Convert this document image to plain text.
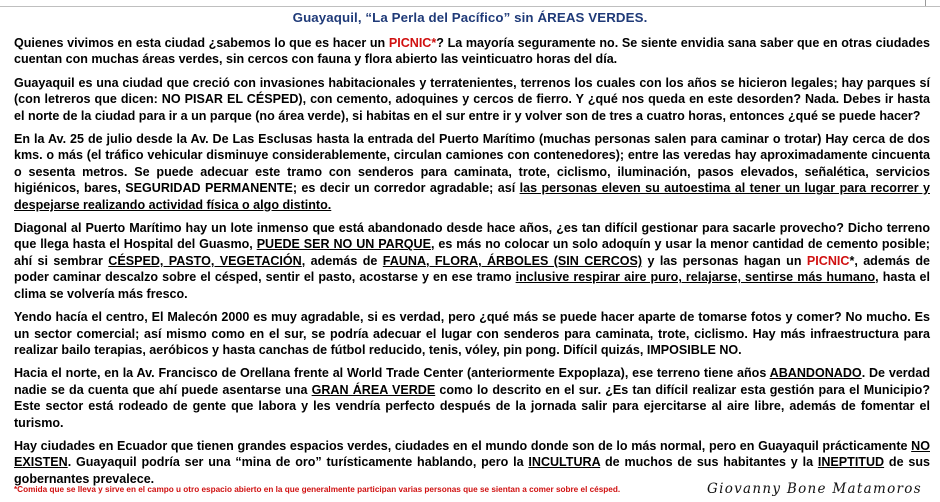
Guayaquil, “La Perla del Pacífico” sin ÁREAS VERDES.

Quienes vivimos en esta ciudad ¿sabemos lo que es hacer un PICNIC*? La mayoría seguramente no. Se siente envidia sana saber que en otras ciudades cuentan con muchas áreas verdes, sin cercos con fauna y flora abierto las veinticuatro horas del día.

Guayaquil es una ciudad que creció con invasiones habitacionales y terratenientes, terrenos los cuales con los años se hicieron legales; hay parques sí (con letreros que dicen: NO PISAR EL CÉSPED), con cemento, adoquines y cercos de fierro. Y ¿qué nos queda en este desorden? Nada. Debes ir hasta el norte de la ciudad para ir a un parque (no área verde), si habitas en el sur entre ir y volver son de tres a cuatro horas, entonces ¿qué se puede hacer?

En la Av. 25 de julio desde la Av. De Las Esclusas hasta la entrada del Puerto Marítimo (muchas personas salen para caminar o trotar) Hay cerca de dos kms. o más (el tráfico vehicular disminuye considerablemente, circulan camiones con contenedores); entre las veredas hay aproximadamente cincuenta o sesenta metros. Se puede adecuar este tramo con senderos para caminata, trote, ciclismo, iluminación, pasos elevados, señalética, servicios higiénicos, bares, SEGURIDAD PERMANENTE; es decir un corredor agradable; así las personas eleven su autoestima al tener un lugar para recorrer y despejarse realizando actividad física o algo distinto.

Diagonal al Puerto Marítimo hay un lote inmenso que está abandonado desde hace años, ¿es tan difícil gestionar para sacarle provecho? Dicho terreno que llega hasta el Hospital del Guasmo, PUEDE SER NO UN PARQUE, es más no colocar un solo adoquín y usar la menor cantidad de cemento posible; ahí si sembrar CÉSPED, PASTO, VEGETACIÓN, además de FAUNA, FLORA, ÁRBOLES (SIN CERCOS) y las personas hagan un PICNIC*, además de poder caminar descalzo sobre el césped, sentir el pasto, acostarse y en ese tramo inclusive respirar aire puro, relajarse, sentirse más humano, hasta el clima se volvería más fresco.

Yendo hacía el centro, El Malecón 2000 es muy agradable, si es verdad, pero ¿qué más se puede hacer aparte de tomarse fotos y comer? No mucho. Es un sector comercial; así mismo como en el sur, se podría adecuar el lugar con senderos para caminata, trote, ciclismo. Hay más infraestructura para realizar bailo terapias, aeróbicos y hasta canchas de fútbol reducido, tenis, vóley, pin pong. Difícil quizás, IMPOSIBLE NO.

Hacia el norte, en la Av. Francisco de Orellana frente al World Trade Center (anteriormente Expoplaza), ese terreno tiene años ABANDONADO. De verdad nadie se da cuenta que ahí puede asentarse una GRAN ÁREA VERDE como lo descrito en el sur. ¿Es tan difícil realizar esta gestión para el Municipio? Este sector está rodeado de gente que labora y les vendría perfecto después de la jornada salir para ejercitarse al aire libre, además de fomentar el turismo.

Hay ciudades en Ecuador que tienen grandes espacios verdes, ciudades en el mundo donde son de lo más normal, pero en Guayaquil prácticamente NO EXISTEN. Guayaquil podría ser una “mina de oro” turísticamente hablando, pero la INCULTURA de muchos de sus habitantes y la INEPTITUD de sus gobernantes prevalece.

*Comida que se lleva y sirve en el campo u otro espacio abierto en la que generalmente participan varias personas que se sientan a comer sobre el césped.	Giovanny Bone Matamoros
